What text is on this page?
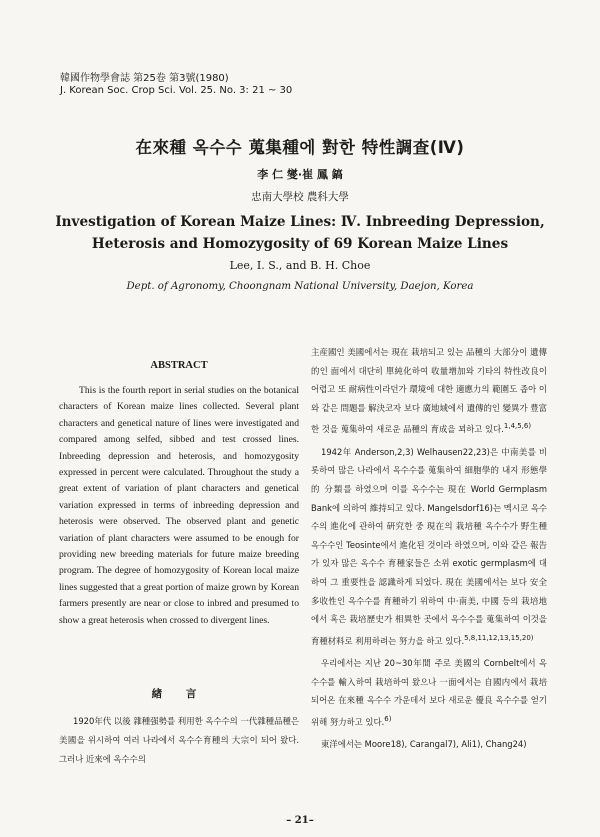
韓國作物學會誌 第25卷 第3號(1980)
J. Korean Soc. Crop Sci. Vol. 25. No. 3: 21 ~ 30
在來種 옥수수 蒐集種에 對한 特性調査(Ⅳ)
李 仁 燮·崔 鳳 鎬
忠南大學校 農科大學
Investigation of Korean Maize Lines: Ⅳ. Inbreeding Depression,
Heterosis and Homozygosity of 69 Korean Maize Lines
Lee, I. S., and B. H. Choe
Dept. of Agronomy, Choongnam National University, Daejon, Korea
ABSTRACT
This is the fourth report in serial studies on the botanical characters of Korean maize lines collected. Several plant characters and genetical nature of lines were investigated and compared among selfed, sibbed and test crossed lines. Inbreeding depression and heterosis, and homozygosity expressed in percent were calculated. Throughout the study a great extent of variation of plant characters and genetical variation expressed in terms of inbreeding depression and heterosis were observed. The observed plant and genetic variation of plant characters were assumed to be enough for providing new breeding materials for future maize breeding program. The degree of homozygosity of Korean local maize lines suggested that a great portion of maize grown by Korean farmers presently are near or close to inbred and presumed to show a great heterosis when crossed to divergent lines.
緖 言
1920年代 以後 雜種强勢를 利用한 옥수수의 一代雜種品種은 美國을 위시하여 여러 나라에서 옥수수育種의 大宗이 되어 왔다. 그러나 近來에 옥수수의

主産國인 美國에서는 現在 栽培되고 있는 品種의 大部分이 遺傳的인 面에서 대단히 單純化하여 收量增加와 기타의 特性改良이 어렵고 또 耐病性이라던가 環境에 대한 適應力의 範圍도 좁아 이와 같은 問題를 解決코자 보다 廣地域에서 遺傳的인 變異가 豊富한 것을 蒐集하여 새로운 品種의 育成을 꾀하고 있다.$^{1,4,5,6)}$

1942年 Anderson,2,3) Welhausen22,23)은 中南美를 비롯하여 많은 나라에서 옥수수를 蒐集하여 細胞學的 내지 形態學的 分類를 하였으며 이를 옥수수는 現在 World Germplasm Bank에 의하여 維持되고 있다. Mangelsdorf16)는 멕시코 옥수수의 進化에 관하여 硏究한 중 現在의 栽培種 옥수수가 野生種 옥수수인 Teosinte에서 進化된 것이라 하였으며, 이와 같은 報告가 있자 많은 옥수수 育種家들은 소위 exotic germplasm에 대하여 그 重要性을 認識하게 되었다. 現在 美國에서는 보다 安全多收性인 옥수수를 育種하기 위하여 中·南美, 中國 등의 栽培地에서 혹은 栽培歷史가 相異한 곳에서 옥수수를 蒐集하여 이것을 育種材料로 利用하려는 努力을 하고 있다.$^{5,8,11,12,13,15,20)}$

우리에서는 지난 20~30年間 주로 美國의 Cornbelt에서 옥수수를 輸入하여 栽培하여 왔으나 一面에서는 自國内에서 栽培되어온 在來種 옥수수 가운데서 보다 새로운 優良 옥수수를 얻기 위해 努力하고 있다.$^{6)}$

東洋에서는 Moore18), Carangal7), Ali1), Chang24)

– 21–
